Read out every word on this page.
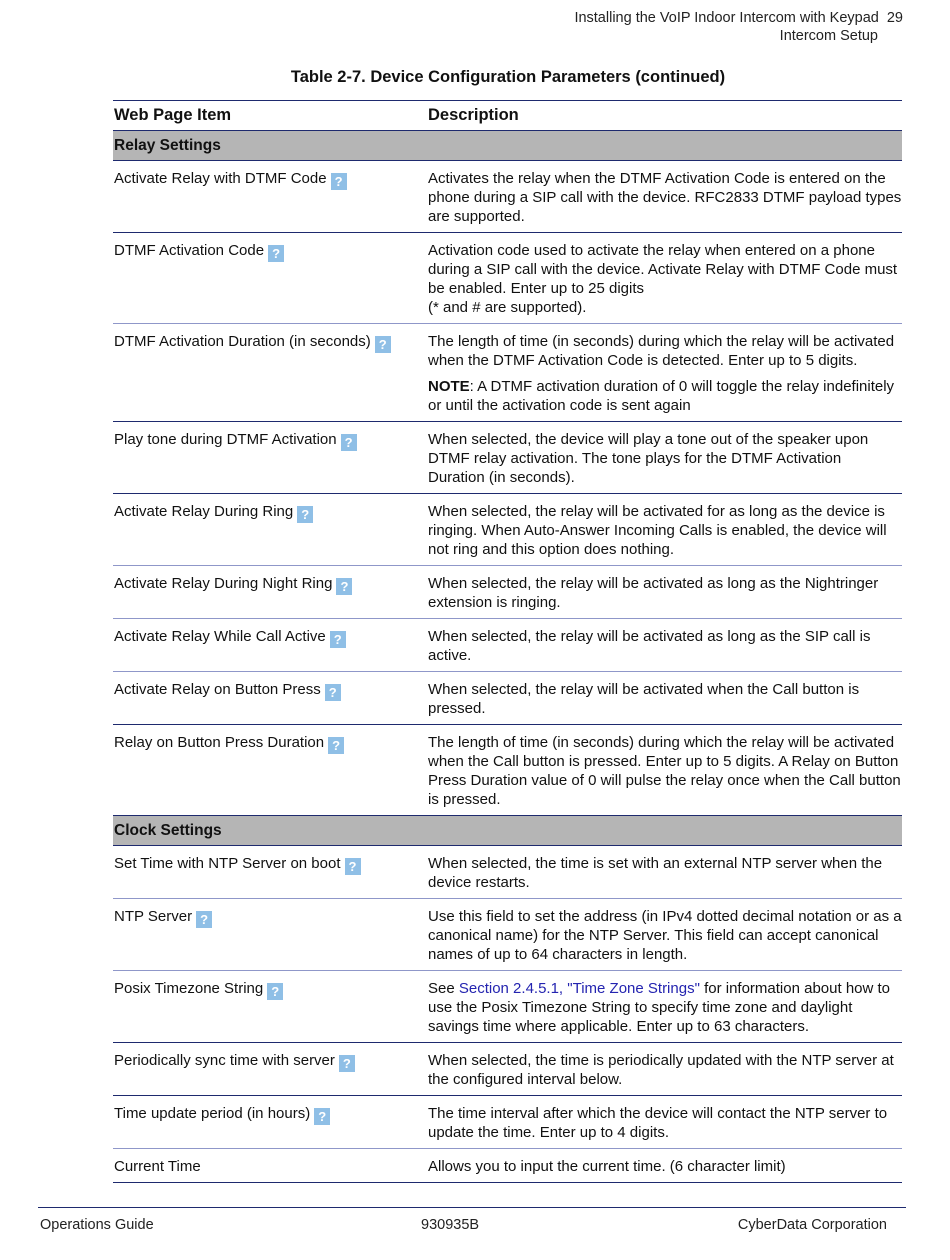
Installing the VoIP Indoor Intercom with Keypad 29
Intercom Setup
Table 2-7. Device Configuration Parameters (continued)
Web Page Item	Description
Relay Settings
Activate Relay with DTMF Code ?	Activates the relay when the DTMF Activation Code is entered on the phone during a SIP call with the device. RFC2833 DTMF payload types are supported.
DTMF Activation Code ?	Activation code used to activate the relay when entered on a phone during a SIP call with the device. Activate Relay with DTMF Code must be enabled. Enter up to 25 digits
(* and # are supported).
DTMF Activation Duration (in seconds) ?	The length of time (in seconds) during which the relay will be activated when the DTMF Activation Code is detected. Enter up to 5 digits.
NOTE: A DTMF activation duration of 0 will toggle the relay indefinitely or until the activation code is sent again
Play tone during DTMF Activation ?	When selected, the device will play a tone out of the speaker upon DTMF relay activation. The tone plays for the DTMF Activation Duration (in seconds).
Activate Relay During Ring ?	When selected, the relay will be activated for as long as the device is ringing. When Auto-Answer Incoming Calls is enabled, the device will not ring and this option does nothing.
Activate Relay During Night Ring ?	When selected, the relay will be activated as long as the Nightringer extension is ringing.
Activate Relay While Call Active ?	When selected, the relay will be activated as long as the SIP call is active.
Activate Relay on Button Press ?	When selected, the relay will be activated when the Call button is pressed.
Relay on Button Press Duration ?	The length of time (in seconds) during which the relay will be activated when the Call button is pressed. Enter up to 5 digits. A Relay on Button Press Duration value of 0 will pulse the relay once when the Call button is pressed.
Clock Settings
Set Time with NTP Server on boot ?	When selected, the time is set with an external NTP server when the device restarts.
NTP Server ?	Use this field to set the address (in IPv4 dotted decimal notation or as a canonical name) for the NTP Server. This field can accept canonical names of up to 64 characters in length.
Posix Timezone String ?	See Section 2.4.5.1, "Time Zone Strings" for information about how to use the Posix Timezone String to specify time zone and daylight savings time where applicable. Enter up to 63 characters.
Periodically sync time with server ?	When selected, the time is periodically updated with the NTP server at the configured interval below.
Time update period (in hours) ?	The time interval after which the device will contact the NTP server to update the time. Enter up to 4 digits.
Current Time	Allows you to input the current time. (6 character limit)
Operations Guide	930935B	CyberData Corporation
